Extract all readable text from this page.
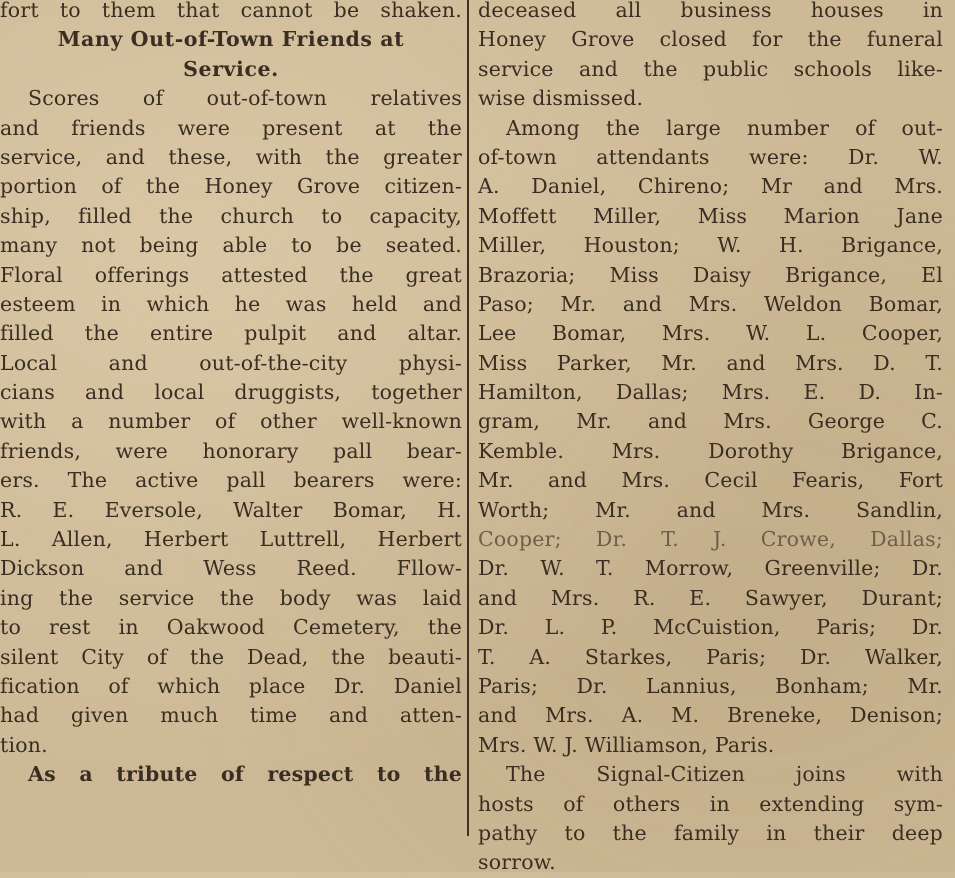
fort to them that cannot be shaken.
Many Out-of-Town Friends at
Service.
Scores of out-of-town relatives
and friends were present at the
service, and these, with the greater
portion of the Honey Grove citizen-
ship, filled the church to capacity,
many not being able to be seated.
Floral offerings attested the great
esteem in which he was held and
filled the entire pulpit and altar.
Local and out-of-the-city physi-
cians and local druggists, together
with a number of other well-known
friends, were honorary pall bear-
ers. The active pall bearers were:
R. E. Eversole, Walter Bomar, H.
L. Allen, Herbert Luttrell, Herbert
Dickson and Wess Reed. Fllow-
ing the service the body was laid
to rest in Oakwood Cemetery, the
silent City of the Dead, the beauti-
fication of which place Dr. Daniel
had given much time and atten-
tion.
As a tribute of respect to the
deceased all business houses in
Honey Grove closed for the funeral
service and the public schools like-
wise dismissed.
Among the large number of out-
of-town attendants were: Dr. W.
A. Daniel, Chireno; Mr and Mrs.
Moffett Miller, Miss Marion Jane
Miller, Houston; W. H. Brigance,
Brazoria; Miss Daisy Brigance, El
Paso; Mr. and Mrs. Weldon Bomar,
Lee Bomar, Mrs. W. L. Cooper,
Miss Parker, Mr. and Mrs. D. T.
Hamilton, Dallas; Mrs. E. D. In-
gram, Mr. and Mrs. George C.
Kemble. Mrs. Dorothy Brigance,
Mr. and Mrs. Cecil Fearis, Fort
Worth; Mr. and Mrs. Sandlin,
Cooper; Dr. T. J. Crowe, Dallas;
Dr. W. T. Morrow, Greenville; Dr.
and Mrs. R. E. Sawyer, Durant;
Dr. L. P. McCuistion, Paris; Dr.
T. A. Starkes, Paris; Dr. Walker,
Paris; Dr. Lannius, Bonham; Mr.
and Mrs. A. M. Breneke, Denison;
Mrs. W. J. Williamson, Paris.
The Signal-Citizen joins with
hosts of others in extending sym-
pathy to the family in their deep
sorrow.
